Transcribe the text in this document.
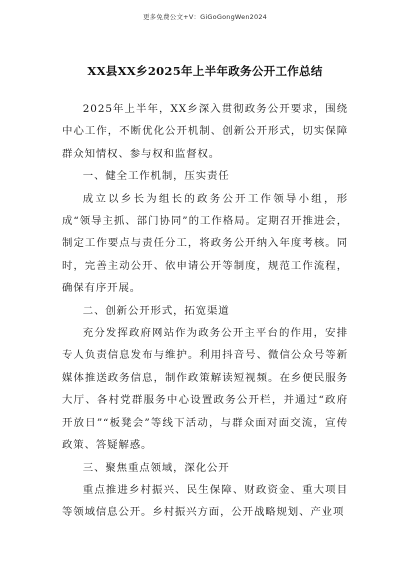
更多免费公文+V：GiGoGongWen2024
XX县XX乡2025年上半年政务公开工作总结

2025年上半年，XX乡深入贯彻政务公开要求，围绕中心工作，不断优化公开机制、创新公开形式，切实保障群众知情权、参与权和监督权。

一、健全工作机制，压实责任

成立以乡长为组长的政务公开工作领导小组，形成“领导主抓、部门协同”的工作格局。定期召开推进会，制定工作要点与责任分工，将政务公开纳入年度考核。同时，完善主动公开、依申请公开等制度，规范工作流程，确保有序开展。

二、创新公开形式，拓宽渠道

充分发挥政府网站作为政务公开主平台的作用，安排专人负责信息发布与维护。利用抖音号、微信公众号等新媒体推送政务信息，制作政策解读短视频。在乡便民服务大厅、各村党群服务中心设置政务公开栏，并通过“政府开放日”“板凳会”等线下活动，与群众面对面交流，宣传政策、答疑解惑。

三、聚焦重点领域，深化公开

重点推进乡村振兴、民生保障、财政资金、重大项目等领域信息公开。乡村振兴方面，公开战略规划、产业项
